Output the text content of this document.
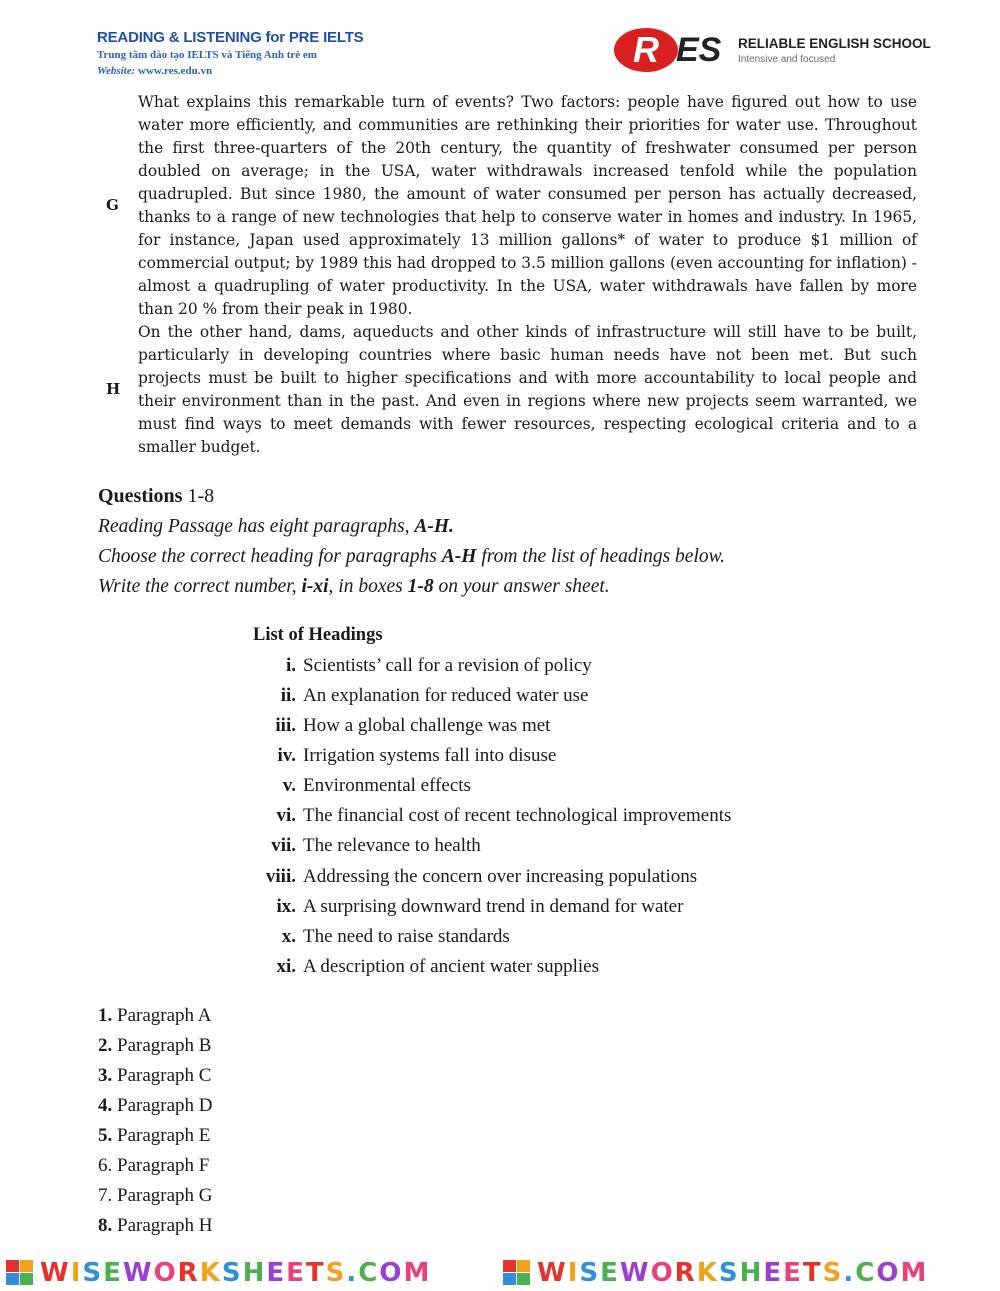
READING & LISTENING for PRE IELTS
Trung tâm đào tạo IELTS và Tiếng Anh trẻ em
Website: www.res.edu.vn
R ES RELIABLE ENGLISH SCHOOL
Intensive and focused
G
What explains this remarkable turn of events? Two factors: people have figured out how to use water more efficiently, and communities are rethinking their priorities for water use. Throughout the first three-quarters of the 20th century, the quantity of freshwater consumed per person doubled on average; in the USA, water withdrawals increased tenfold while the population quadrupled. But since 1980, the amount of water consumed per person has actually decreased, thanks to a range of new technologies that help to conserve water in homes and industry. In 1965, for instance, Japan used approximately 13 million gallons* of water to produce $1 million of commercial output; by 1989 this had dropped to 3.5 million gallons (even accounting for inflation) - almost a quadrupling of water productivity. In the USA, water withdrawals have fallen by more than 20 % from their peak in 1980.
H
On the other hand, dams, aqueducts and other kinds of infrastructure will still have to be built, particularly in developing countries where basic human needs have not been met. But such projects must be built to higher specifications and with more accountability to local people and their environment than in the past. And even in regions where new projects seem warranted, we must find ways to meet demands with fewer resources, respecting ecological criteria and to a smaller budget.
Questions 1-8
Reading Passage has eight paragraphs, A-H.
Choose the correct heading for paragraphs A-H from the list of headings below.
Write the correct number, i-xi, in boxes 1-8 on your answer sheet.
List of Headings
i. Scientists’ call for a revision of policy
ii. An explanation for reduced water use
iii. How a global challenge was met
iv. Irrigation systems fall into disuse
v. Environmental effects
vi. The financial cost of recent technological improvements
vii. The relevance to health
viii. Addressing the concern over increasing populations
ix. A surprising downward trend in demand for water
x. The need to raise standards
xi. A description of ancient water supplies
1. Paragraph A
2. Paragraph B
3. Paragraph C
4. Paragraph D
5. Paragraph E
6. Paragraph F
7. Paragraph G
8. Paragraph H
WISEWORKSHEETS.COM	WISEWORKSHEETS.COM
